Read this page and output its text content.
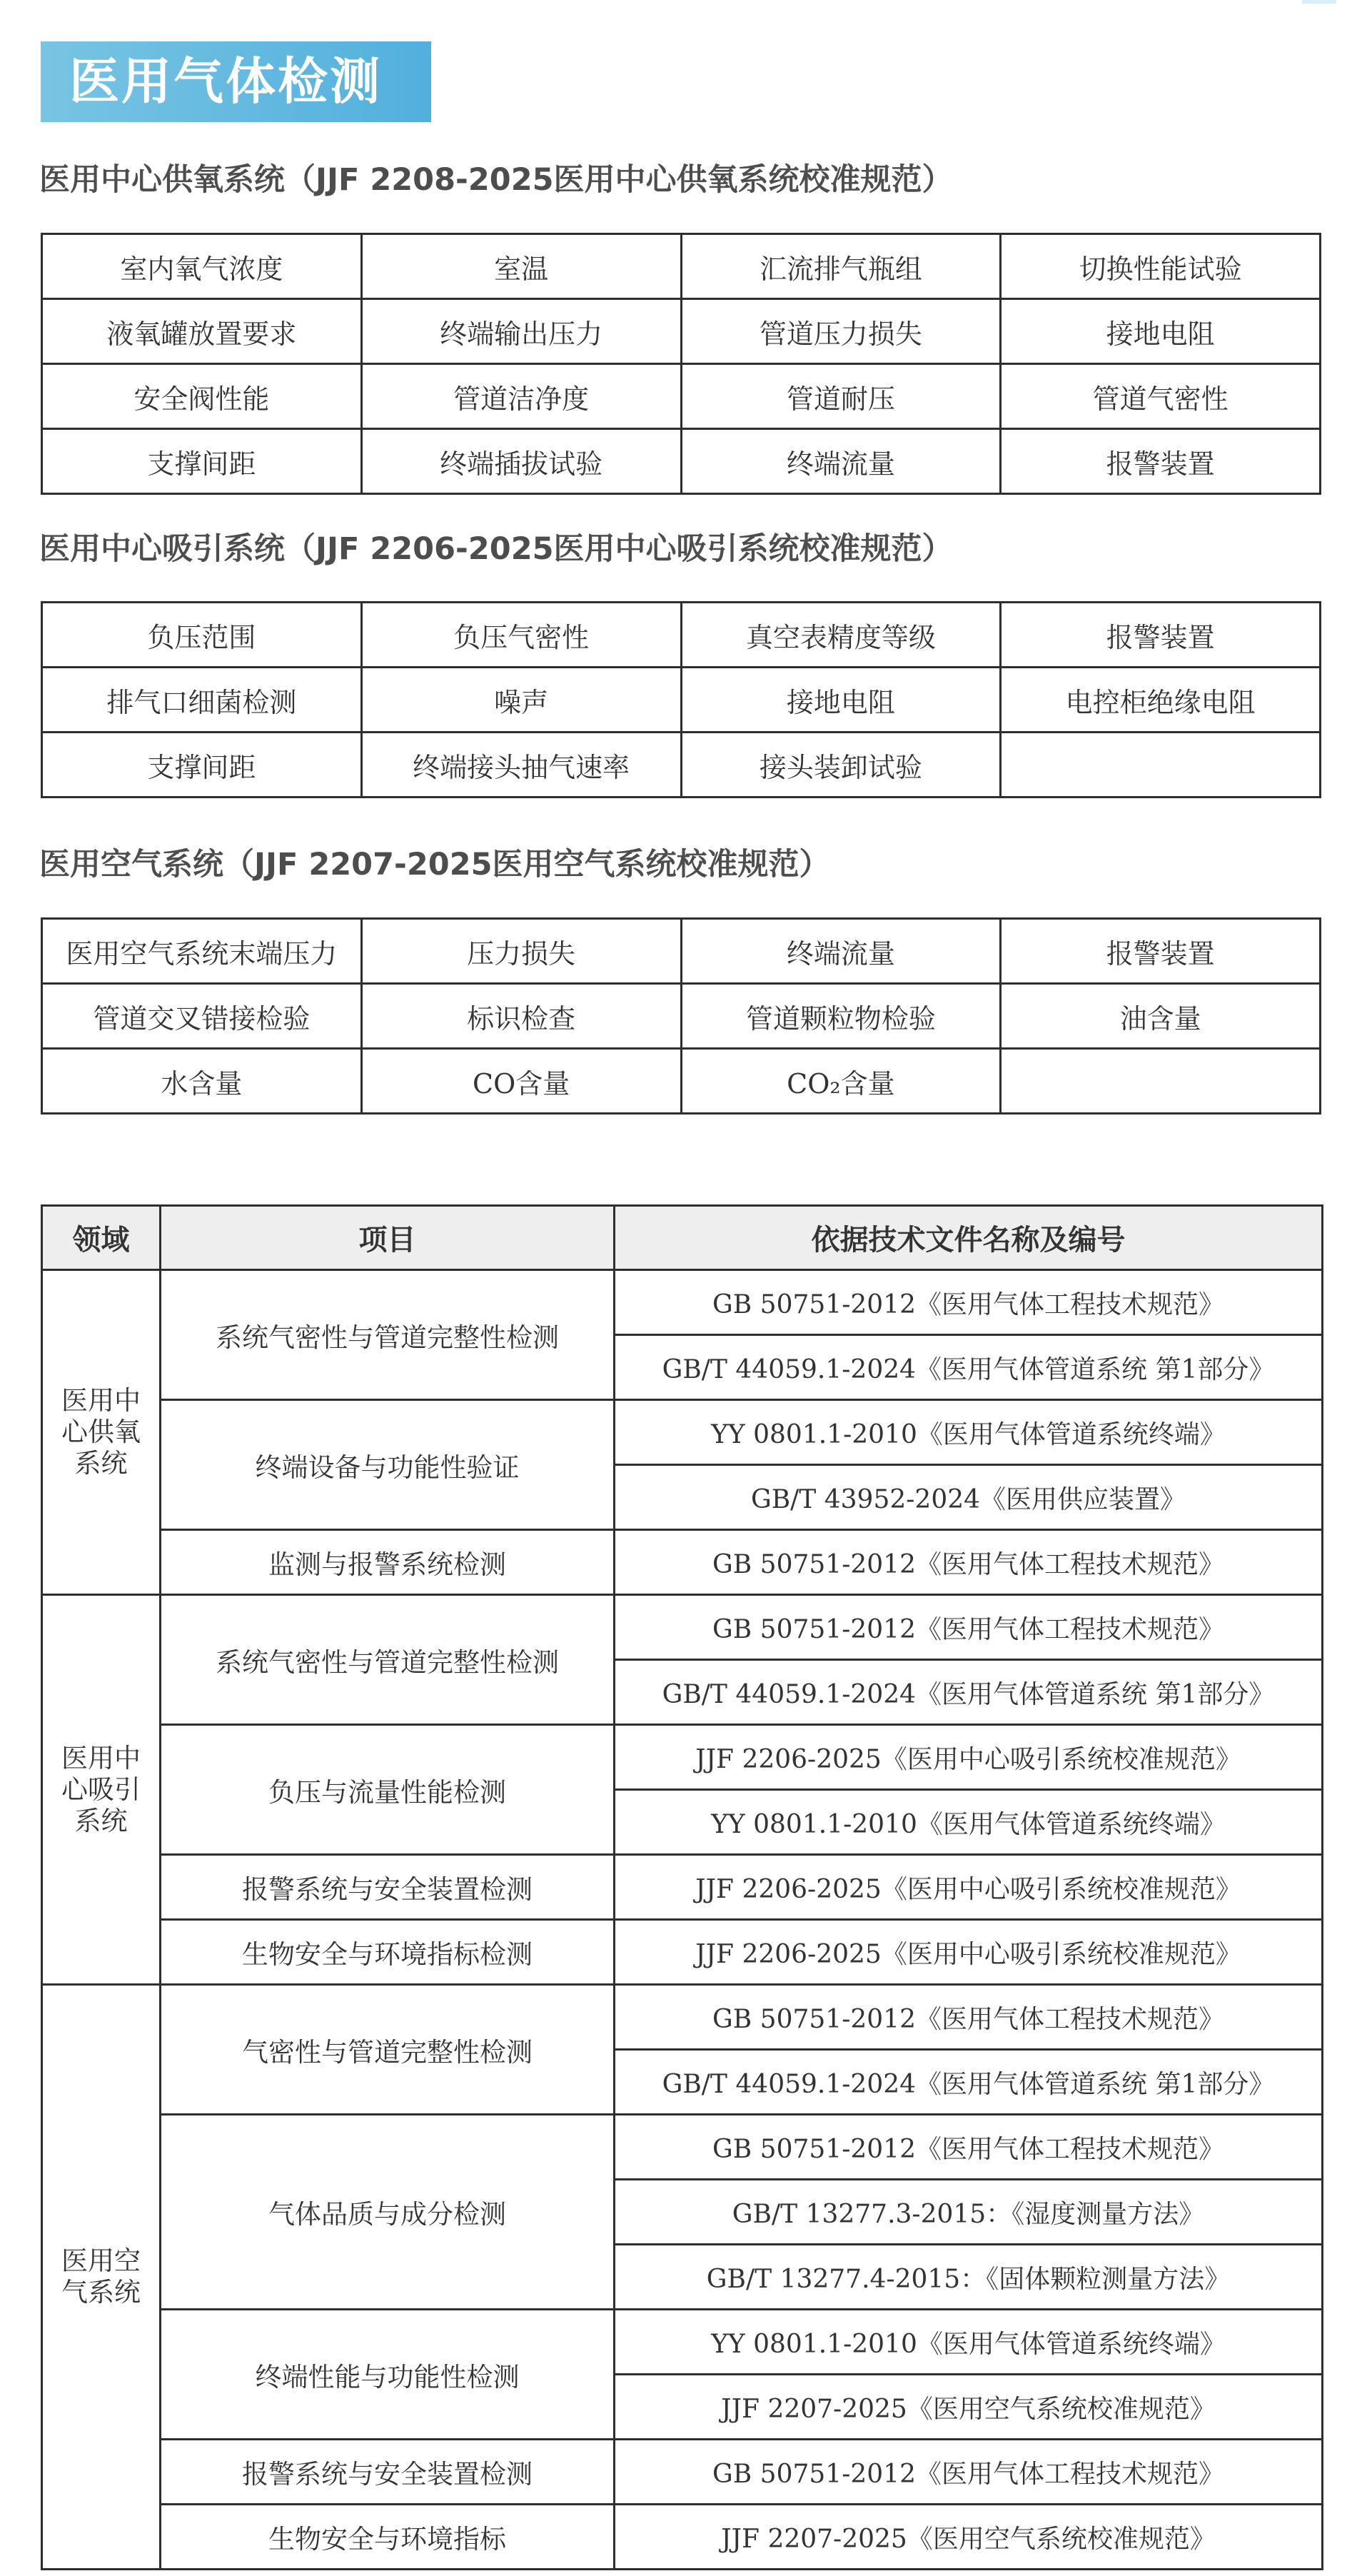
医用气体检测
医用中心供氧系统（JJF 2208-2025医用中心供氧系统校准规范）
室内氧气浓度	室温	汇流排气瓶组	切换性能试验
液氧罐放置要求	终端输出压力	管道压力损失	接地电阻
安全阀性能	管道洁净度	管道耐压	管道气密性
支撑间距	终端插拔试验	终端流量	报警装置
医用中心吸引系统（JJF 2206-2025医用中心吸引系统校准规范）
负压范围	负压气密性	真空表精度等级	报警装置
排气口细菌检测	噪声	接地电阻	电控柜绝缘电阻
支撑间距	终端接头抽气速率	接头装卸试验	
医用空气系统（JJF 2207-2025医用空气系统校准规范）
医用空气系统末端压力	压力损失	终端流量	报警装置
管道交叉错接检验	标识检查	管道颗粒物检验	油含量
水含量	CO含量	CO₂含量	
领域	项目	依据技术文件名称及编号
医用中心供氧系统	系统气密性与管道完整性检测	GB 50751-2012《医用气体工程技术规范》
		GB/T 44059.1-2024《医用气体管道系统 第1部分》
	终端设备与功能性验证	YY 0801.1-2010《医用气体管道系统终端》
		GB/T 43952-2024《医用供应装置》
	监测与报警系统检测	GB 50751-2012《医用气体工程技术规范》
医用中心吸引系统	系统气密性与管道完整性检测	GB 50751-2012《医用气体工程技术规范》
		GB/T 44059.1-2024《医用气体管道系统 第1部分》
	负压与流量性能检测	JJF 2206-2025《医用中心吸引系统校准规范》
		YY 0801.1-2010《医用气体管道系统终端》
	报警系统与安全装置检测	JJF 2206-2025《医用中心吸引系统校准规范》
	生物安全与环境指标检测	JJF 2206-2025《医用中心吸引系统校准规范》
医用空气系统	气密性与管道完整性检测	GB 50751-2012《医用气体工程技术规范》
		GB/T 44059.1-2024《医用气体管道系统 第1部分》
	气体品质与成分检测	GB 50751-2012《医用气体工程技术规范》
		GB/T 13277.3-2015：《湿度测量方法》
		GB/T 13277.4-2015：《固体颗粒测量方法》
	终端性能与功能性检测	YY 0801.1-2010《医用气体管道系统终端》
		JJF 2207-2025《医用空气系统校准规范》
	报警系统与安全装置检测	GB 50751-2012《医用气体工程技术规范》
	生物安全与环境指标	JJF 2207-2025《医用空气系统校准规范》
